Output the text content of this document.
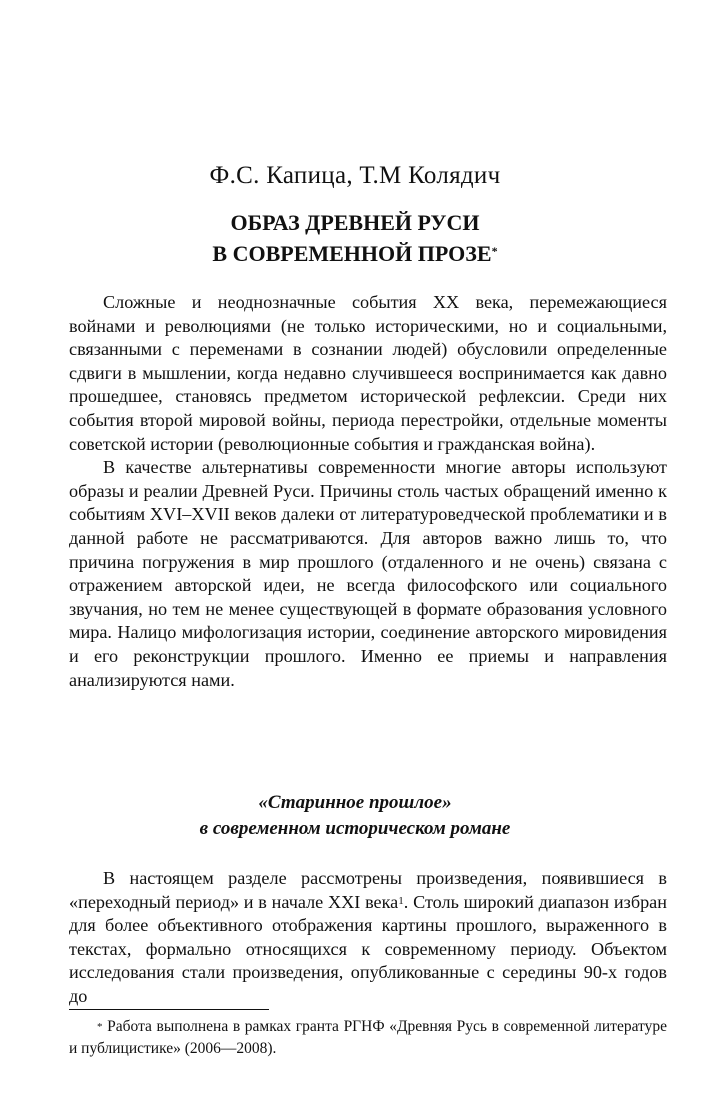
Ф.С. Капица, Т.М Колядич
ОБРАЗ ДРЕВНЕЙ РУСИ
В СОВРЕМЕННОЙ ПРОЗЕ*

Сложные и неоднозначные события XX века, перемежающиеся войнами и революциями (не только историческими, но и социальными, связанными с переменами в сознании людей) обусловили определенные сдвиги в мышлении, когда недавно случившееся воспринимается как давно прошедшее, становясь предметом исторической рефлексии. Среди них события второй мировой войны, периода перестройки, отдельные моменты советской истории (революционные события и гражданская война).

В качестве альтернативы современности многие авторы используют образы и реалии Древней Руси. Причины столь частых обращений именно к событиям XVI–XVII веков далеки от литературоведческой проблематики и в данной работе не рассматриваются. Для авторов важно лишь то, что причина погружения в мир прошлого (отдаленного и не очень) связана с отражением авторской идеи, не всегда философского или социального звучания, но тем не менее существующей в формате образования условного мира. Налицо мифологизация истории, соединение авторского мировидения и его реконструкции прошлого. Именно ее приемы и направления анализируются нами.

«Старинное прошлое»
в современном историческом романе

В настоящем разделе рассмотрены произведения, появившиеся в «переходный период» и в начале XXI века$^1$. Столь широкий диапазон избран для более объективного отображения картины прошлого, выраженного в текстах, формально относящихся к современному периоду. Объектом исследования стали произведения, опубликованные с середины 90-х годов до

* Работа выполнена в рамках гранта РГНФ «Древняя Русь в современной литературе и публицистике» (2006—2008).
